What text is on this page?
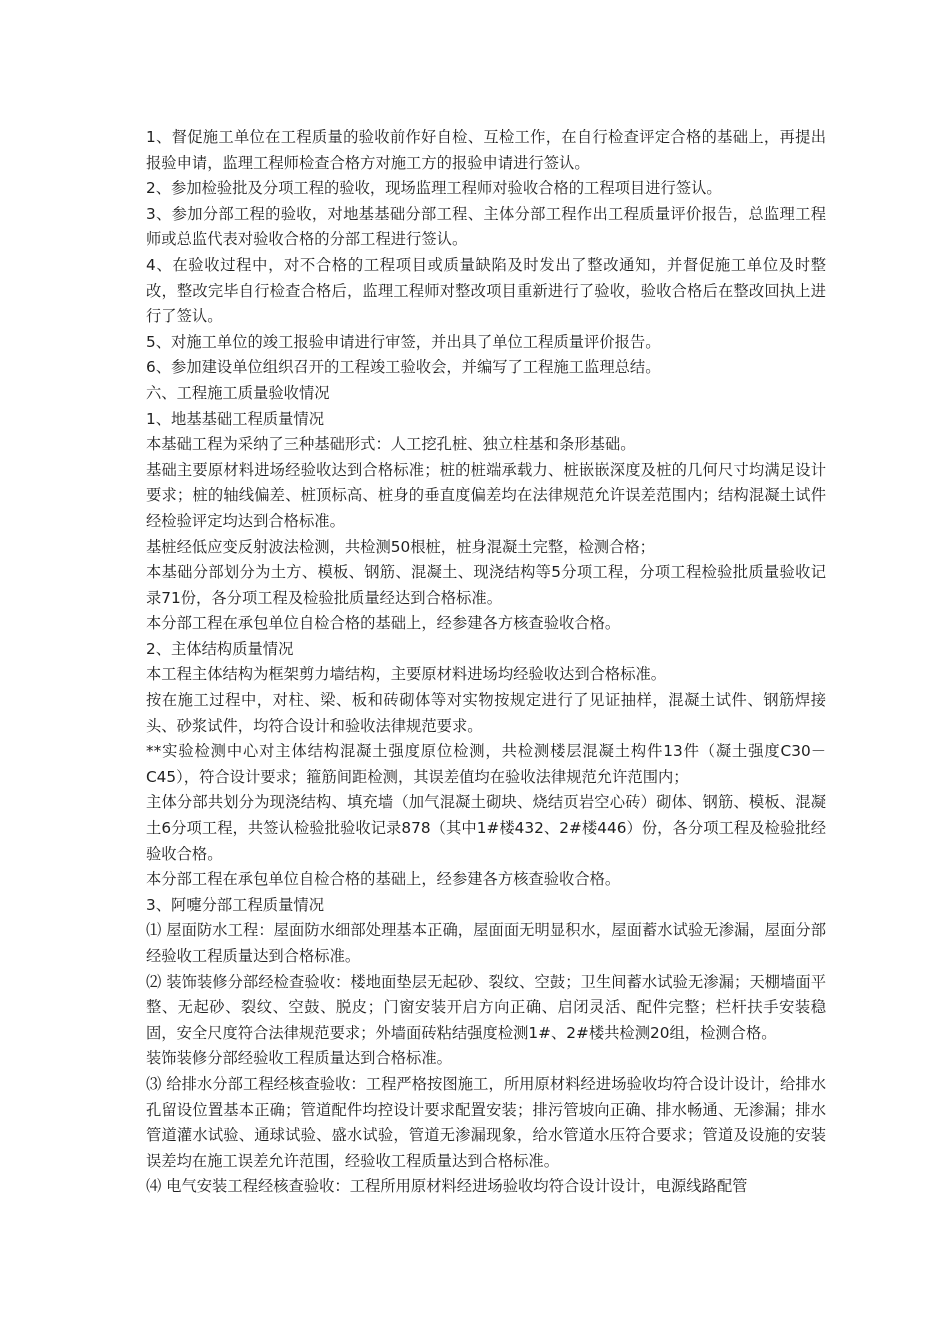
1、督促施工单位在工程质量的验收前作好自检、互检工作，在自行检查评定合格的基础上，再提出报验申请，监理工程师检查合格方对施工方的报验申请进行签认。

2、参加检验批及分项工程的验收，现场监理工程师对验收合格的工程项目进行签认。

3、参加分部工程的验收，对地基基础分部工程、主体分部工程作出工程质量评价报告，总监理工程师或总监代表对验收合格的分部工程进行签认。

4、在验收过程中，对不合格的工程项目或质量缺陷及时发出了整改通知，并督促施工单位及时整改，整改完毕自行检查合格后，监理工程师对整改项目重新进行了验收，验收合格后在整改回执上进行了签认。

5、对施工单位的竣工报验申请进行审签，并出具了单位工程质量评价报告。

6、参加建设单位组织召开的工程竣工验收会，并编写了工程施工监理总结。

六、工程施工质量验收情况

1、地基基础工程质量情况

本基础工程为采纳了三种基础形式：人工挖孔桩、独立柱基和条形基础。

基础主要原材料进场经验收达到合格标准；桩的桩端承载力、桩嵌嵌深度及桩的几何尺寸均满足设计要求；桩的轴线偏差、桩顶标高、桩身的垂直度偏差均在法律规范允许误差范围内；结构混凝土试件经检验评定均达到合格标准。

基桩经低应变反射波法检测，共检测50根桩，桩身混凝土完整，检测合格；

本基础分部划分为土方、模板、钢筋、混凝土、现浇结构等5分项工程，分项工程检验批质量验收记录71份，各分项工程及检验批质量经达到合格标准。

本分部工程在承包单位自检合格的基础上，经参建各方核查验收合格。

2、主体结构质量情况

本工程主体结构为框架剪力墙结构，主要原材料进场均经验收达到合格标准。

按在施工过程中，对柱、梁、板和砖砌体等对实物按规定进行了见证抽样，混凝土试件、钢筋焊接头、砂浆试件，均符合设计和验收法律规范要求。

**实验检测中心对主体结构混凝土强度原位检测，共检测楼层混凝土构件13件（凝土强度C30－C45），符合设计要求；箍筋间距检测，其误差值均在验收法律规范允许范围内；

主体分部共划分为现浇结构、填充墙（加气混凝土砌块、烧结页岩空心砖）砌体、钢筋、模板、混凝土6分项工程，共签认检验批验收记录878（其中1#楼432、2#楼446）份，各分项工程及检验批经验收合格。

本分部工程在承包单位自检合格的基础上，经参建各方核查验收合格。

3、阿嚏分部工程质量情况

⑴ 屋面防水工程：屋面防水细部处理基本正确，屋面面无明显积水，屋面蓄水试验无渗漏，屋面分部经验收工程质量达到合格标准。

⑵ 装饰装修分部经检查验收：楼地面垫层无起砂、裂纹、空鼓；卫生间蓄水试验无渗漏；天棚墙面平整、无起砂、裂纹、空鼓、脱皮；门窗安装开启方向正确、启闭灵活、配件完整；栏杆扶手安装稳固，安全尺度符合法律规范要求；外墙面砖粘结强度检测1#、2#楼共检测20组，检测合格。

装饰装修分部经验收工程质量达到合格标准。

⑶ 给排水分部工程经核查验收：工程严格按图施工，所用原材料经进场验收均符合设计设计，给排水孔留设位置基本正确；管道配件均控设计要求配置安装；排污管坡向正确、排水畅通、无渗漏；排水管道灌水试验、通球试验、盛水试验，管道无渗漏现象，给水管道水压符合要求；管道及设施的安装误差均在施工误差允许范围，经验收工程质量达到合格标准。

⑷ 电气安装工程经核查验收：工程所用原材料经进场验收均符合设计设计，电源线路配管
